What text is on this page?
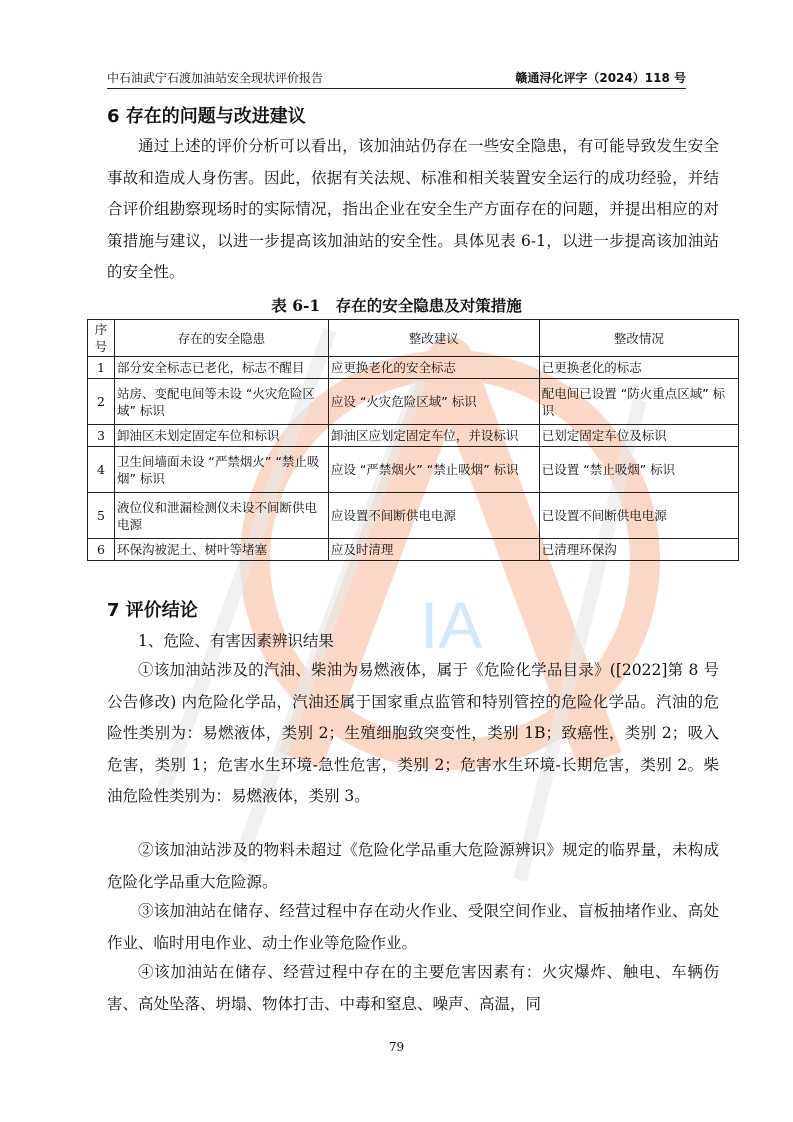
IA
中石油武宁石渡加油站安全现状评价报告	赣通浔化评字（2024）118 号
6 存在的问题与改进建议

通过上述的评价分析可以看出，该加油站仍存在一些安全隐患，有可能导致发生安全事故和造成人身伤害。因此，依据有关法规、标准和相关装置安全运行的成功经验，并结合评价组勘察现场时的实际情况，指出企业在安全生产方面存在的问题，并提出相应的对策措施与建议，以进一步提高该加油站的安全性。具体见表 6-1，以进一步提高该加油站的安全性。

表 6-1　存在的安全隐患及对策措施
序号	存在的安全隐患	整改建议	整改情况
1	部分安全标志已老化，标志不醒目	应更换老化的安全标志	已更换老化的标志
2	站房、变配电间等未设 “火灾危险区域” 标识	应设 “火灾危险区域” 标识	配电间已设置 “防火重点区域” 标识
3	卸油区未划定固定车位和标识	卸油区应划定固定车位，并设标识	已划定固定车位及标识
4	卫生间墙面未设 “严禁烟火” “禁止吸烟” 标识	应设 “严禁烟火” “禁止吸烟” 标识	已设置 “禁止吸烟” 标识
5	液位仪和泄漏检测仪未设不间断供电电源	应设置不间断供电电源	已设置不间断供电电源
6	环保沟被泥土、树叶等堵塞	应及时清理	已清理环保沟
7 评价结论

1、危险、有害因素辨识结果

①该加油站涉及的汽油、柴油为易燃液体，属于《危险化学品目录》([2022]第 8 号公告修改) 内危险化学品，汽油还属于国家重点监管和特别管控的危险化学品。汽油的危险性类别为：易燃液体，类别 2；生殖细胞致突变性，类别 1B；致癌性，类别 2；吸入危害，类别 1；危害水生环境-急性危害，类别 2；危害水生环境-长期危害，类别 2。柴油危险性类别为：易燃液体，类别 3。

②该加油站涉及的物料未超过《危险化学品重大危险源辨识》规定的临界量，未构成危险化学品重大危险源。

③该加油站在储存、经营过程中存在动火作业、受限空间作业、盲板抽堵作业、高处作业、临时用电作业、动土作业等危险作业。

④该加油站在储存、经营过程中存在的主要危害因素有：火灾爆炸、触电、车辆伤害、高处坠落、坍塌、物体打击、中毒和窒息、噪声、高温，同

79
